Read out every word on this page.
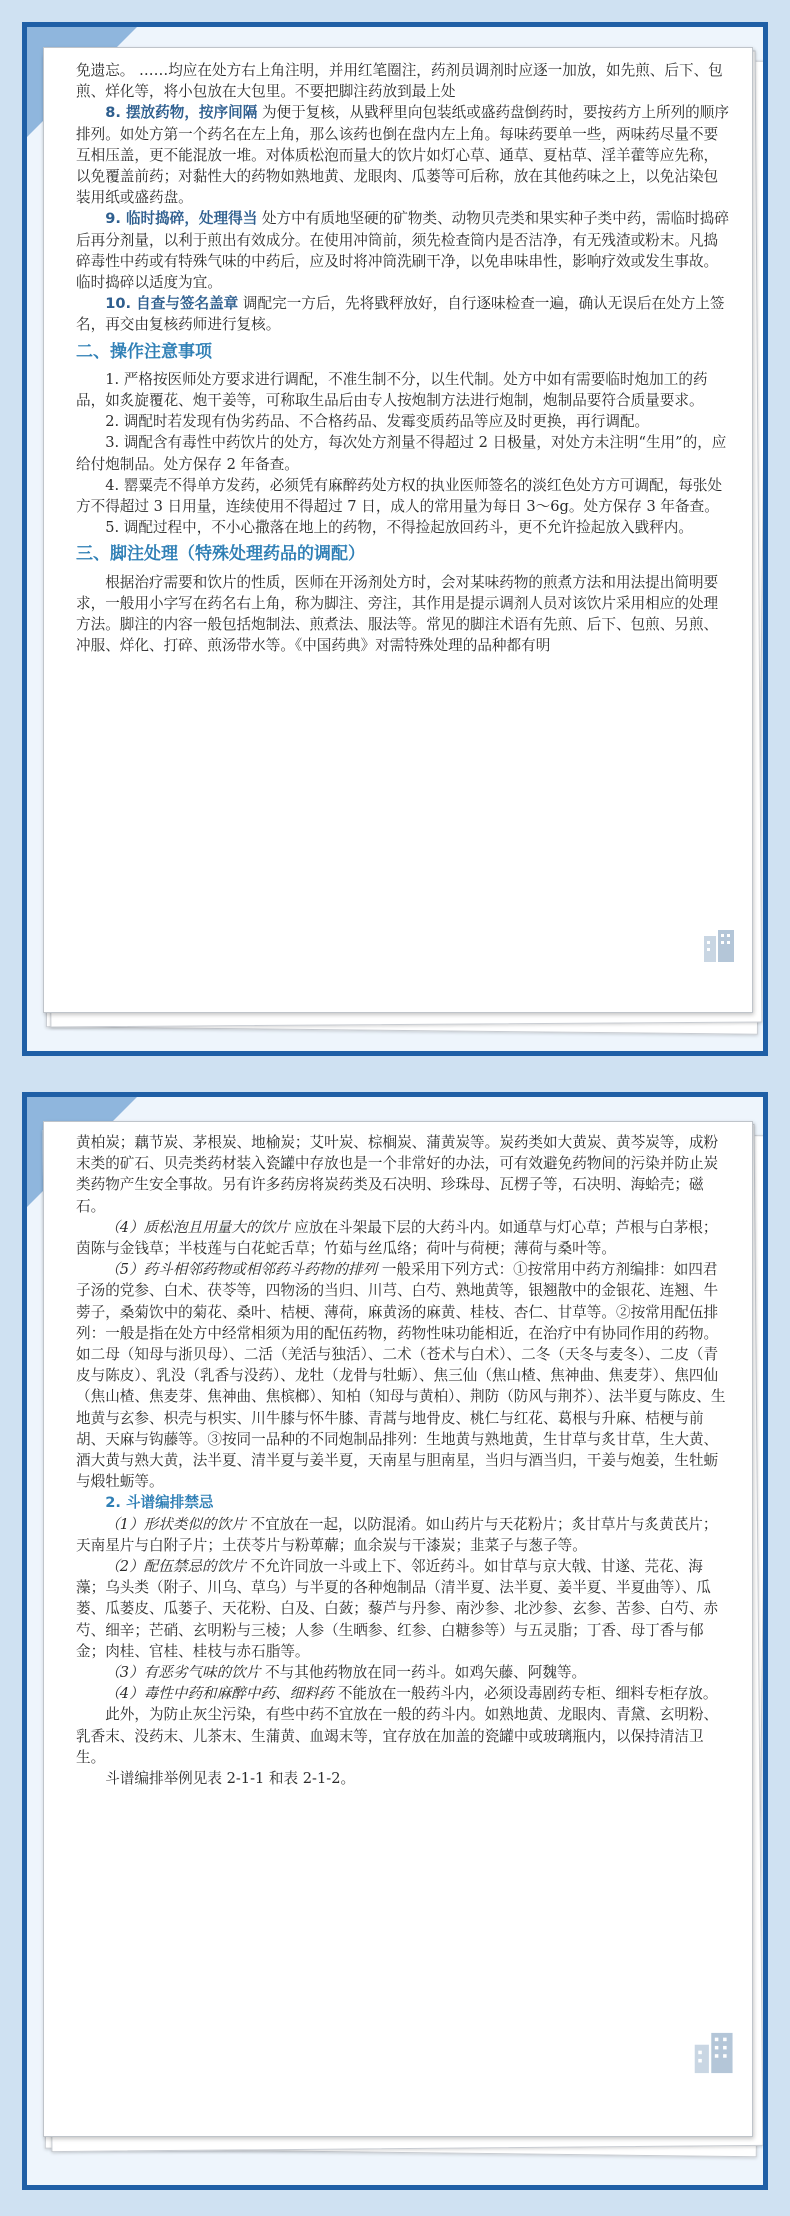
免遗忘。 ……均应在处方右上角注明，并用红笔圈注，药剂员调剂时应逐一加放，如先煎、后下、包煎、烊化等，将小包放在大包里。不要把脚注药放到最上处

8. 摆放药物，按序间隔 为便于复核，从戥秤里向包装纸或盛药盘倒药时，要按药方上所列的顺序排列。如处方第一个药名在左上角，那么该药也倒在盘内左上角。每味药要单一些，两味药尽量不要互相压盖，更不能混放一堆。对体质松泡而量大的饮片如灯心草、通草、夏枯草、淫羊藿等应先称，以免覆盖前药；对黏性大的药物如熟地黄、龙眼肉、瓜蒌等可后称，放在其他药味之上，以免沾染包装用纸或盛药盘。

9. 临时捣碎，处理得当 处方中有质地坚硬的矿物类、动物贝壳类和果实种子类中药，需临时捣碎后再分剂量，以利于煎出有效成分。在使用冲筒前，须先检查筒内是否洁净，有无残渣或粉末。凡捣碎毒性中药或有特殊气味的中药后，应及时将冲筒洗刷干净，以免串味串性，影响疗效或发生事故。临时捣碎以适度为宜。

10. 自查与签名盖章 调配完一方后，先将戥秤放好，自行逐味检查一遍，确认无误后在处方上签名，再交由复核药师进行复核。

二、操作注意事项

1. 严格按医师处方要求进行调配，不准生制不分，以生代制。处方中如有需要临时炮加工的药品，如炙旋覆花、炮干姜等，可称取生品后由专人按炮制方法进行炮制，炮制品要符合质量要求。

2. 调配时若发现有伪劣药品、不合格药品、发霉变质药品等应及时更换，再行调配。

3. 调配含有毒性中药饮片的处方，每次处方剂量不得超过 2 日极量，对处方未注明“生用”的，应给付炮制品。处方保存 2 年备查。

4. 罂粟壳不得单方发药，必须凭有麻醉药处方权的执业医师签名的淡红色处方方可调配，每张处方不得超过 3 日用量，连续使用不得超过 7 日，成人的常用量为每日 3～6g。处方保存 3 年备查。

5. 调配过程中，不小心撒落在地上的药物，不得捡起放回药斗，更不允许捡起放入戥秤内。

三、脚注处理（特殊处理药品的调配）

根据治疗需要和饮片的性质，医师在开汤剂处方时，会对某味药物的煎煮方法和用法提出简明要求，一般用小字写在药名右上角，称为脚注、旁注，其作用是提示调剂人员对该饮片采用相应的处理方法。脚注的内容一般包括炮制法、煎煮法、服法等。常见的脚注术语有先煎、后下、包煎、另煎、冲服、烊化、打碎、煎汤带水等。《中国药典》对需特殊处理的品种都有明

黄柏炭；藕节炭、茅根炭、地榆炭；艾叶炭、棕榈炭、蒲黄炭等。炭药类如大黄炭、黄芩炭等，成粉末类的矿石、贝壳类药材装入瓷罐中存放也是一个非常好的办法，可有效避免药物间的污染并防止炭类药物产生安全事故。另有许多药房将炭药类及石决明、珍珠母、瓦楞子等，石决明、海蛤壳；磁石。

（4）质松泡且用量大的饮片 应放在斗架最下层的大药斗内。如通草与灯心草；芦根与白茅根；茵陈与金钱草；半枝莲与白花蛇舌草；竹茹与丝瓜络；荷叶与荷梗；薄荷与桑叶等。

（5）药斗相邻药物或相邻药斗药物的排列 一般采用下列方式：①按常用中药方剂编排：如四君子汤的党参、白术、茯苓等，四物汤的当归、川芎、白芍、熟地黄等，银翘散中的金银花、连翘、牛蒡子，桑菊饮中的菊花、桑叶、桔梗、薄荷，麻黄汤的麻黄、桂枝、杏仁、甘草等。②按常用配伍排列：一般是指在处方中经常相须为用的配伍药物，药物性味功能相近，在治疗中有协同作用的药物。如二母（知母与浙贝母）、二活（羌活与独活）、二术（苍术与白术）、二冬（天冬与麦冬）、二皮（青皮与陈皮）、乳没（乳香与没药）、龙牡（龙骨与牡蛎）、焦三仙（焦山楂、焦神曲、焦麦芽）、焦四仙（焦山楂、焦麦芽、焦神曲、焦槟榔）、知柏（知母与黄柏）、荆防（防风与荆芥）、法半夏与陈皮、生地黄与玄参、枳壳与枳实、川牛膝与怀牛膝、青蒿与地骨皮、桃仁与红花、葛根与升麻、桔梗与前胡、天麻与钩藤等。③按同一品种的不同炮制品排列：生地黄与熟地黄，生甘草与炙甘草，生大黄、酒大黄与熟大黄，法半夏、清半夏与姜半夏，天南星与胆南星，当归与酒当归，干姜与炮姜，生牡蛎与煅牡蛎等。

2. 斗谱编排禁忌

（1）形状类似的饮片 不宜放在一起，以防混淆。如山药片与天花粉片；炙甘草片与炙黄芪片；天南星片与白附子片；土茯苓片与粉萆薢；血余炭与干漆炭；韭菜子与葱子等。

（2）配伍禁忌的饮片 不允许同放一斗或上下、邻近药斗。如甘草与京大戟、甘遂、芫花、海藻；乌头类（附子、川乌、草乌）与半夏的各种炮制品（清半夏、法半夏、姜半夏、半夏曲等）、瓜蒌、瓜蒌皮、瓜蒌子、天花粉、白及、白蔹；藜芦与丹参、南沙参、北沙参、玄参、苦参、白芍、赤芍、细辛；芒硝、玄明粉与三棱；人参（生晒参、红参、白糖参等）与五灵脂；丁香、母丁香与郁金；肉桂、官桂、桂枝与赤石脂等。

（3）有恶劣气味的饮片 不与其他药物放在同一药斗。如鸡矢藤、阿魏等。

（4）毒性中药和麻醉中药、细料药 不能放在一般药斗内，必须设毒剧药专柜、细料专柜存放。

此外，为防止灰尘污染，有些中药不宜放在一般的药斗内。如熟地黄、龙眼肉、青黛、玄明粉、乳香末、没药末、儿茶末、生蒲黄、血竭末等，宜存放在加盖的瓷罐中或玻璃瓶内，以保持清洁卫生。

斗谱编排举例见表 2-1-1 和表 2-1-2。
